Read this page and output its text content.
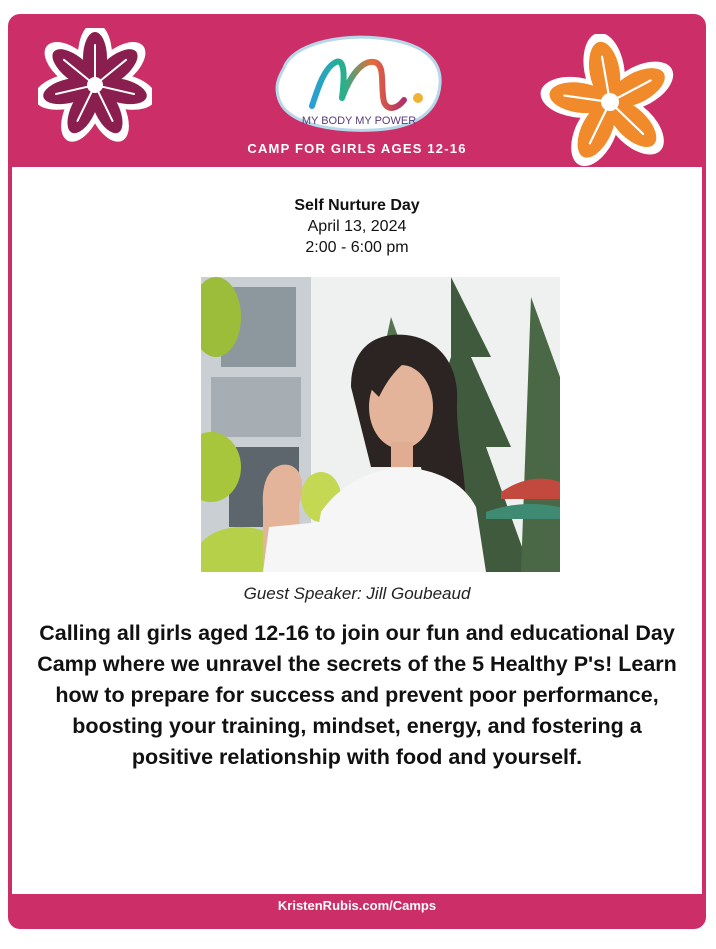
MY BODY MY POWER
CAMP FOR GIRLS AGES 12-16
Self Nurture Day
April 13, 2024
2:00 - 6:00 pm
Guest Speaker: Jill Goubeaud

Calling all girls aged 12-16 to join our fun and educational Day Camp where we unravel the secrets of the 5 Healthy P's! Learn how to prepare for success and prevent poor performance, boosting your training, mindset, energy, and fostering a positive relationship with food and yourself.

KristenRubis.com/Camps
